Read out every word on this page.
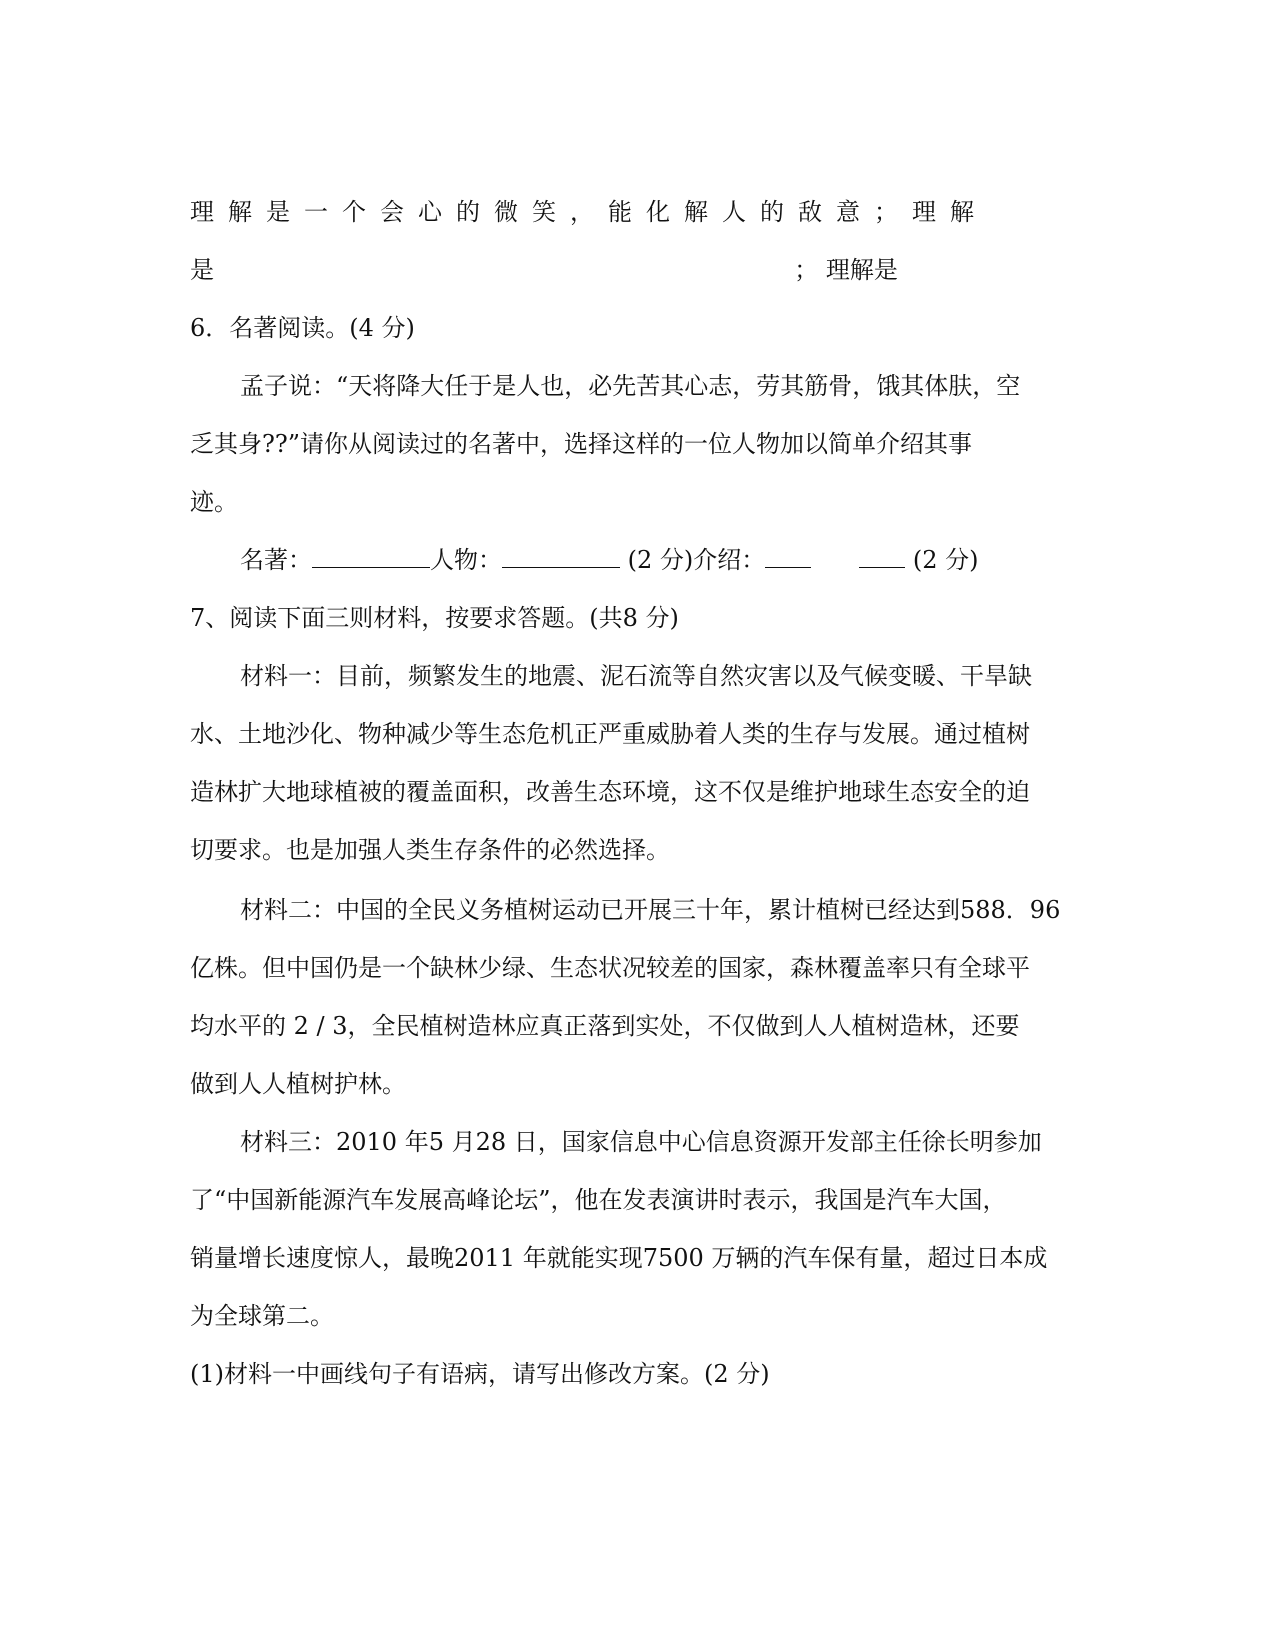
理解是一个会心的微笑，能化解人的敌意；理解
是	； 理解是
6．名著阅读。(4 分)
孟子说：“天将降大任于是人也，必先苦其心志，劳其筋骨，饿其体肤，空
乏其身??”请你从阅读过的名著中，选择这样的一位人物加以简单介绍其事
迹。
名著：	人物：	(2 分)介绍：	(2 分)
7、阅读下面三则材料，按要求答题。(共8 分)
材料一：目前，频繁发生的地震、泥石流等自然灾害以及气候变暖、干旱缺
水、土地沙化、物种减少等生态危机正严重威胁着人类的生存与发展。通过植树
造林扩大地球植被的覆盖面积，改善生态环境，这不仅是维护地球生态安全的迫
切要求。也是加强人类生存条件的必然选择。
材料二：中国的全民义务植树运动已开展三十年，累计植树已经达到588．96
亿株。但中国仍是一个缺林少绿、生态状况较差的国家，森林覆盖率只有全球平
均水平的 2 / 3，全民植树造林应真正落到实处，不仅做到人人植树造林，还要
做到人人植树护林。
材料三：2010 年5 月28 日，国家信息中心信息资源开发部主任徐长明参加
了“中国新能源汽车发展高峰论坛”，他在发表演讲时表示，我国是汽车大国，
销量增长速度惊人，最晚2011 年就能实现7500 万辆的汽车保有量，超过日本成
为全球第二。
(1)材料一中画线句子有语病，请写出修改方案。(2 分)
